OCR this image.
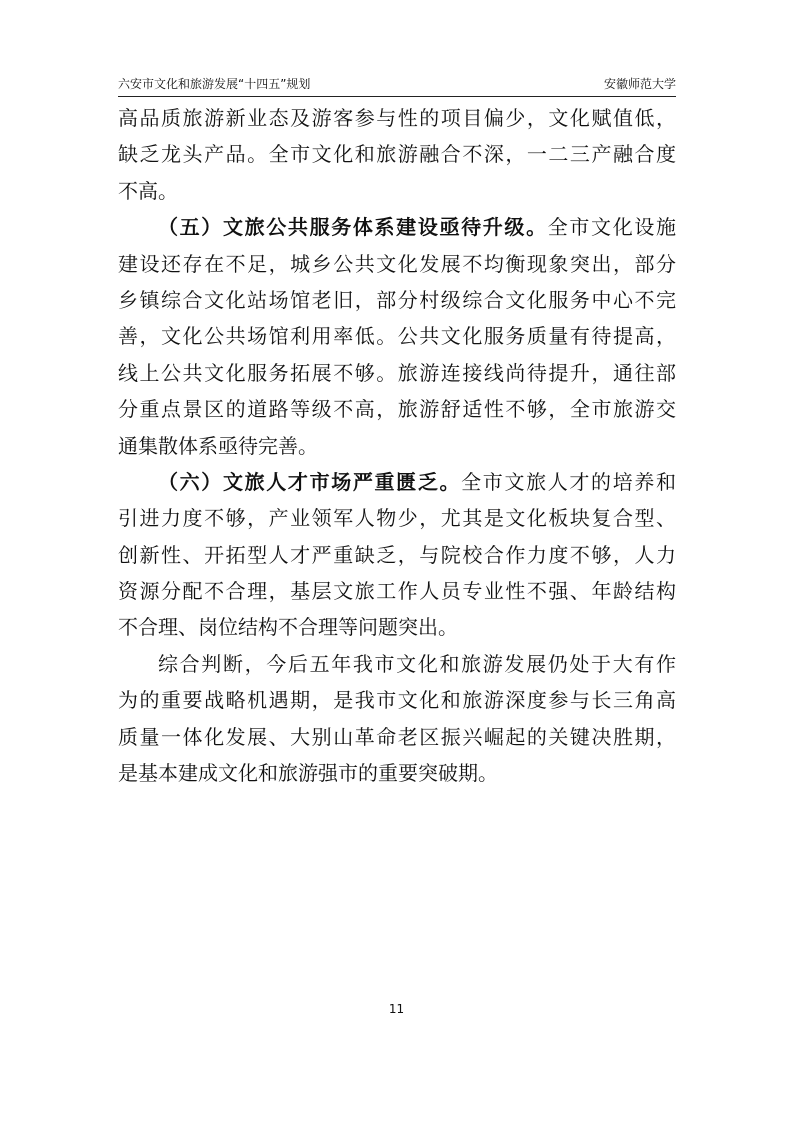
六安市文化和旅游发展“十四五”规划	安徽师范大学
高品质旅游新业态及游客参与性的项目偏少，文化赋值低，
缺乏龙头产品。全市文化和旅游融合不深，一二三产融合度
不高。
（五）文旅公共服务体系建设亟待升级。全市文化设施
建设还存在不足，城乡公共文化发展不均衡现象突出，部分
乡镇综合文化站场馆老旧，部分村级综合文化服务中心不完
善，文化公共场馆利用率低。公共文化服务质量有待提高，
线上公共文化服务拓展不够。旅游连接线尚待提升，通往部
分重点景区的道路等级不高，旅游舒适性不够，全市旅游交
通集散体系亟待完善。
（六）文旅人才市场严重匮乏。全市文旅人才的培养和
引进力度不够，产业领军人物少，尤其是文化板块复合型、
创新性、开拓型人才严重缺乏，与院校合作力度不够，人力
资源分配不合理，基层文旅工作人员专业性不强、年龄结构
不合理、岗位结构不合理等问题突出。
综合判断，今后五年我市文化和旅游发展仍处于大有作
为的重要战略机遇期，是我市文化和旅游深度参与长三角高
质量一体化发展、大别山革命老区振兴崛起的关键决胜期，
是基本建成文化和旅游强市的重要突破期。
11
